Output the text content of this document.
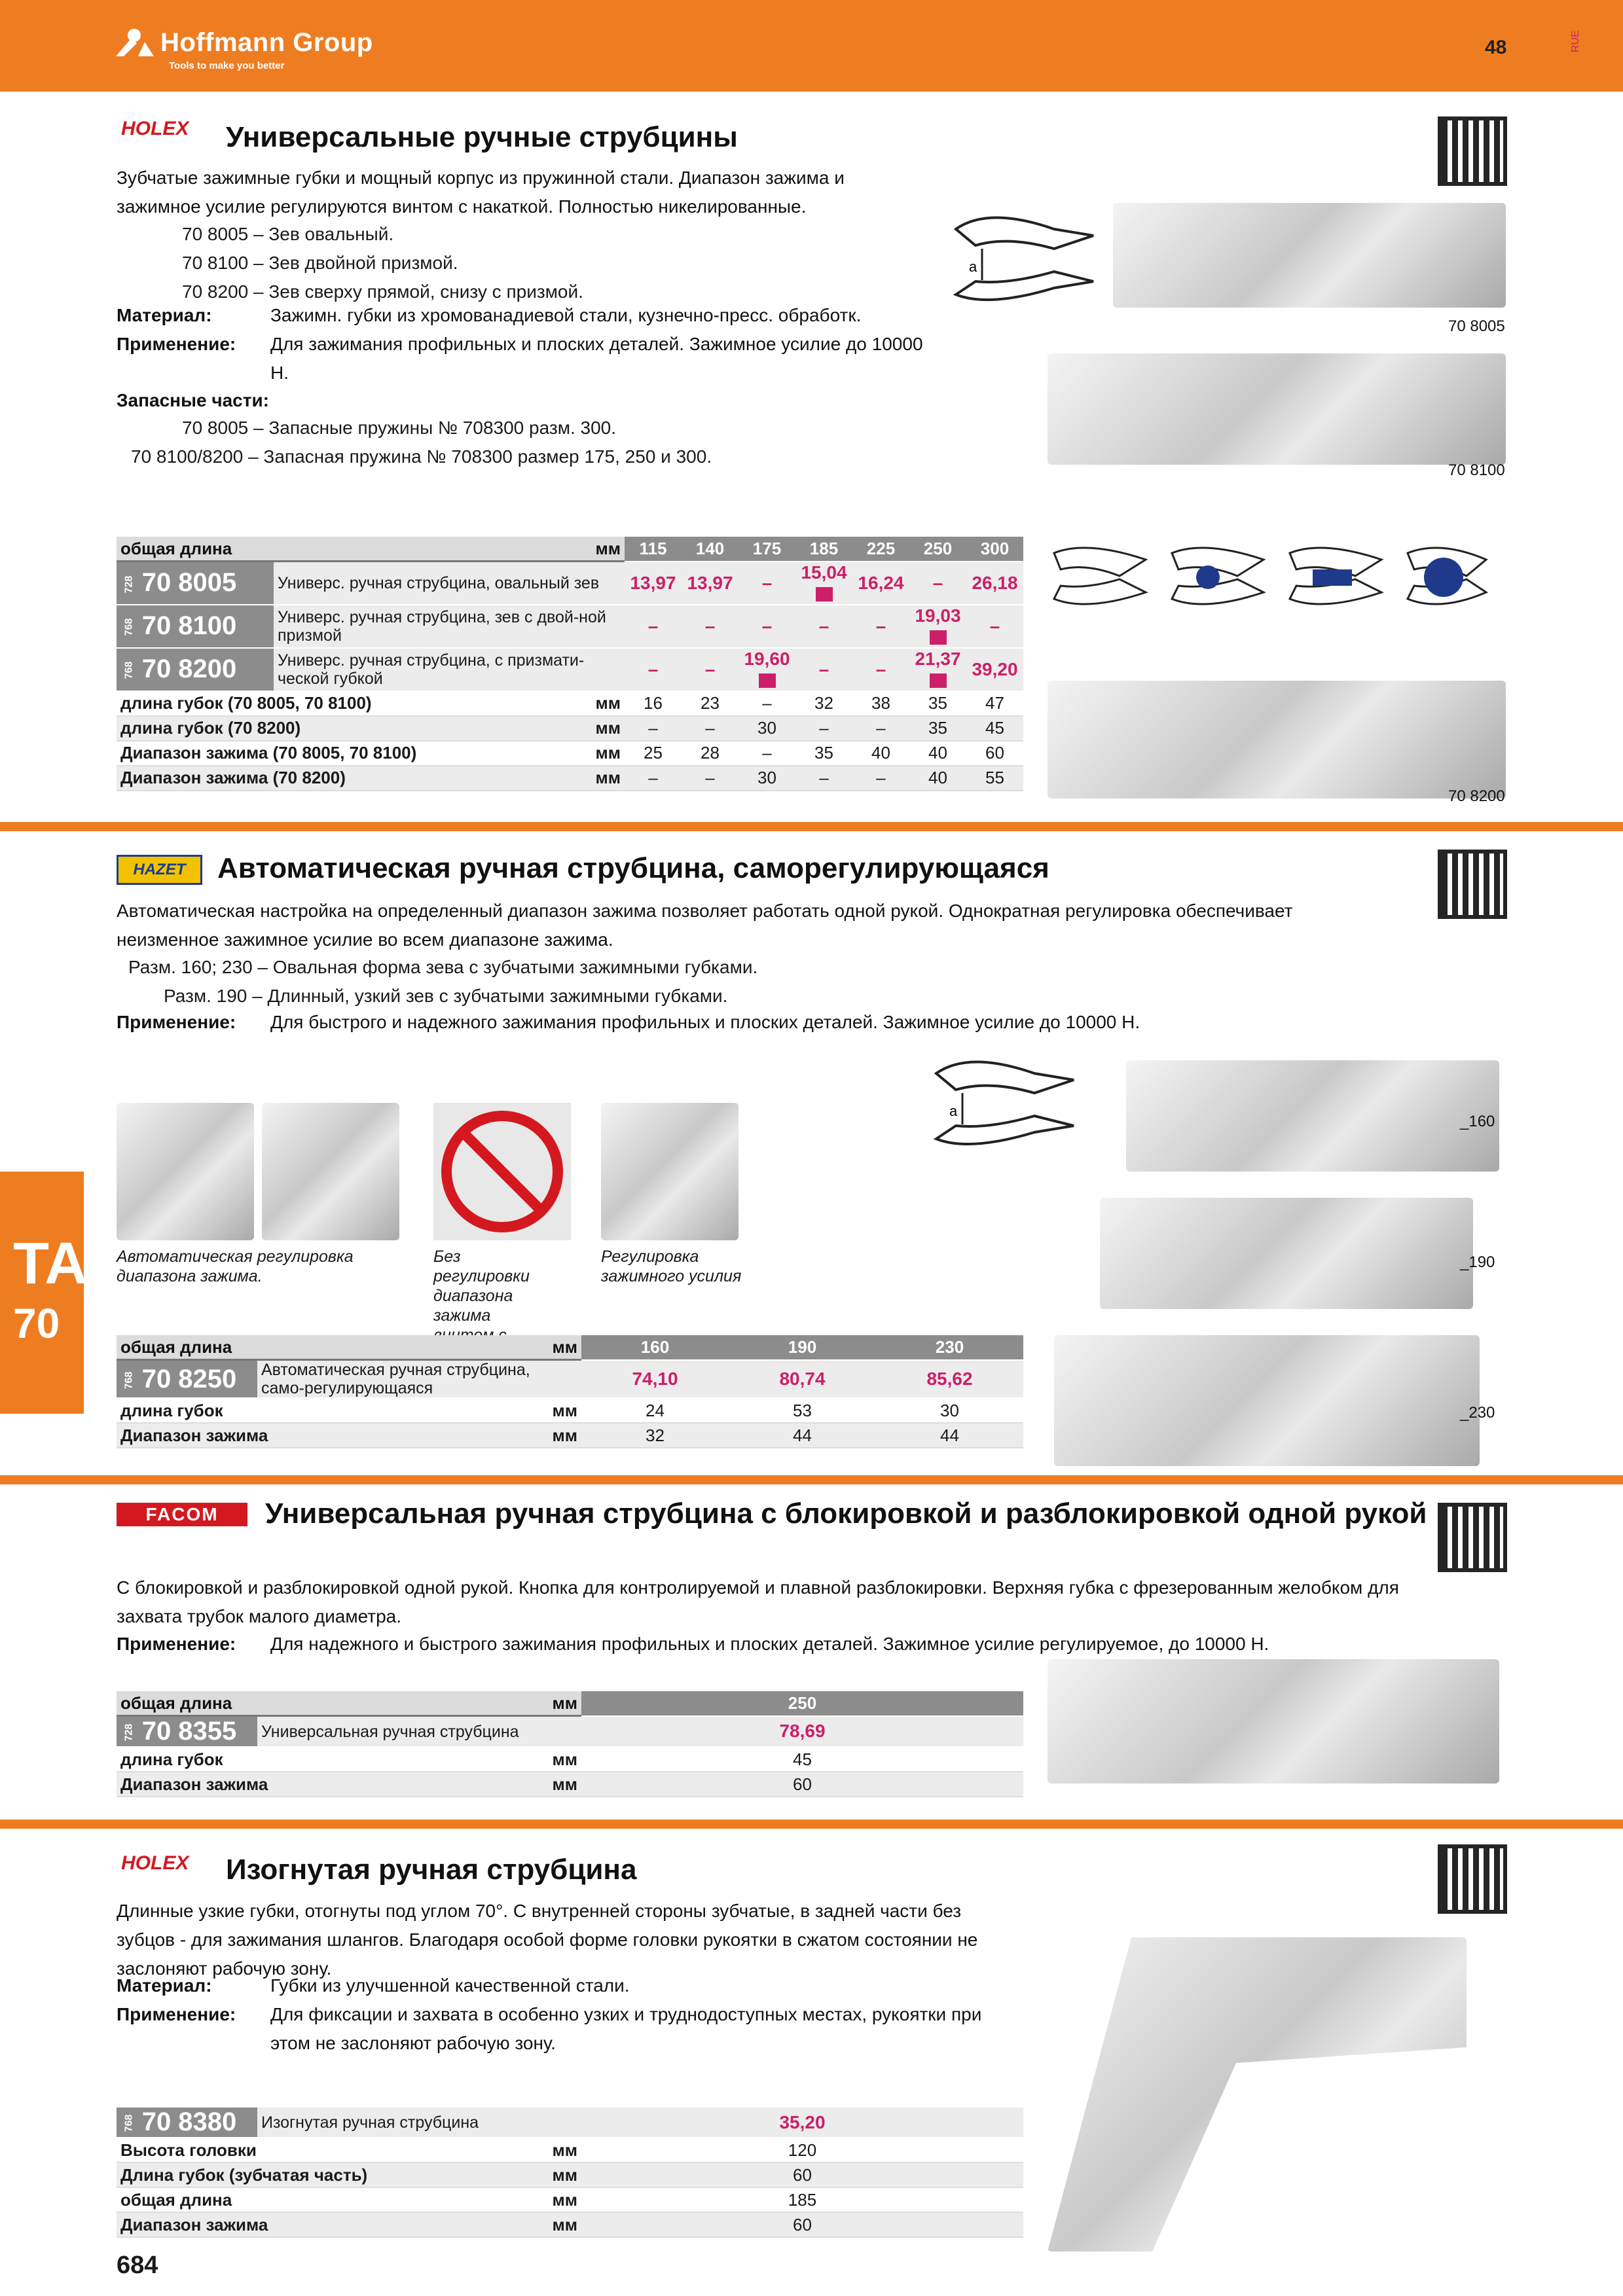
Hoffmann Group
Tools to make you better
48	RUE
TA
70
HOLEX Универсальные ручные струбцины
Зубчатые зажимные губки и мощный корпус из пружинной стали. Диапазон зажима и
зажимное усилие регулируются винтом с накаткой. Полностью никелированные.
70 8005 – Зев овальный.
70 8100 – Зев двойной призмой.
70 8200 – Зев сверху прямой, снизу с призмой.
Материал:	Зажимн. губки из хромованадиевой стали, кузнечно-пресс. обработк.
Применение: Для зажимания профильных и плоских деталей. Зажимное усилие до 10000
Н.
Запасные части:
70 8005 – Запасные пружины № 708300 разм. 300.
70 8100/8200 – Запасная пружина № 708300 размер 175, 250 и 300.
a
70 8005
70 8100
70 8200
общая длина		мм	115	140	175	185	225	250	300
728 70 8005	Универс. ручная струбцина, овальный зев		13,97	13,97	–	15,04	16,24	–	26,18
768 70 8100	Универс. ручная струбцина, зев с двой-ной призмой		–	–	–	–	–	19,03	–
768 70 8200	Универс. ручная струбцина, с призмати-ческой губкой		–	–	19,60	–	–	21,37	39,20
длина губок (70 8005, 70 8100)		мм	16	23	–	32	38	35	47
длина губок (70 8200)		мм	–	–	30	–	–	35	45
Диапазон зажима (70 8005, 70 8100)		мм	25	28	–	35	40	40	60
Диапазон зажима (70 8200)		мм	–	–	30	–	–	40	55
HAZET	Автоматическая ручная струбцина, саморегулирующаяся
Автоматическая настройка на определенный диапазон зажима позволяет работать одной рукой. Однократная регулировка обеспечивает
неизменное зажимное усилие во всем диапазоне зажима.
Разм. 160; 230 – Овальная форма зева с зубчатыми зажимными губками.
Разм. 190 – Длинный, узкий зев с зубчатыми зажимными губками.
Применение: Для быстрого и надежного зажимания профильных и плоских деталей. Зажимное усилие до 10000 Н.
Автоматическая регулировка диапазона зажима.
Без регулировки диапазона зажима
Регулировка зажимного усилия
a
_160
_190
_230
общая длина		мм	160	190	230
768 70 8250	Автоматическая ручная струбцина, само-регулирующаяся		74,10	80,74	85,62
длина губок		мм	24	53	30
Диапазон зажима		мм	32	44	44
FACOM	Универсальная ручная струбцина с блокировкой и разблокировкой одной рукой
С блокировкой и разблокировкой одной рукой. Кнопка для контролируемой и плавной разблокировки. Верхняя губка с фрезерованным желобком для
захвата трубок малого диаметра.
Применение: Для надежного и быстрого зажимания профильных и плоских деталей. Зажимное усилие регулируемое, до 10000 Н.
общая длина		мм	250
728 70 8355	Универсальная ручная струбцина		78,69
длина губок		мм	45
Диапазон зажима		мм	60
HOLEX Изогнутая ручная струбцина
Длинные узкие губки, отогнуты под углом 70°. С внутренней стороны зубчатые, в задней части без
зубцов - для зажимания шлангов. Благодаря особой форме головки рукоятки в сжатом состоянии не
заслоняют рабочую зону.
Материал:	Губки из улучшенной качественной стали.
Применение: Для фиксации и захвата в особенно узких и труднодоступных местах, рукоятки при
этом не заслоняют рабочую зону.
768 70 8380	Изогнутая ручная струбцина		35,20
Высота головки		мм	120
Длина губок (зубчатая часть)		мм	60
общая длина		мм	185
Диапазон зажима		мм	60
684
